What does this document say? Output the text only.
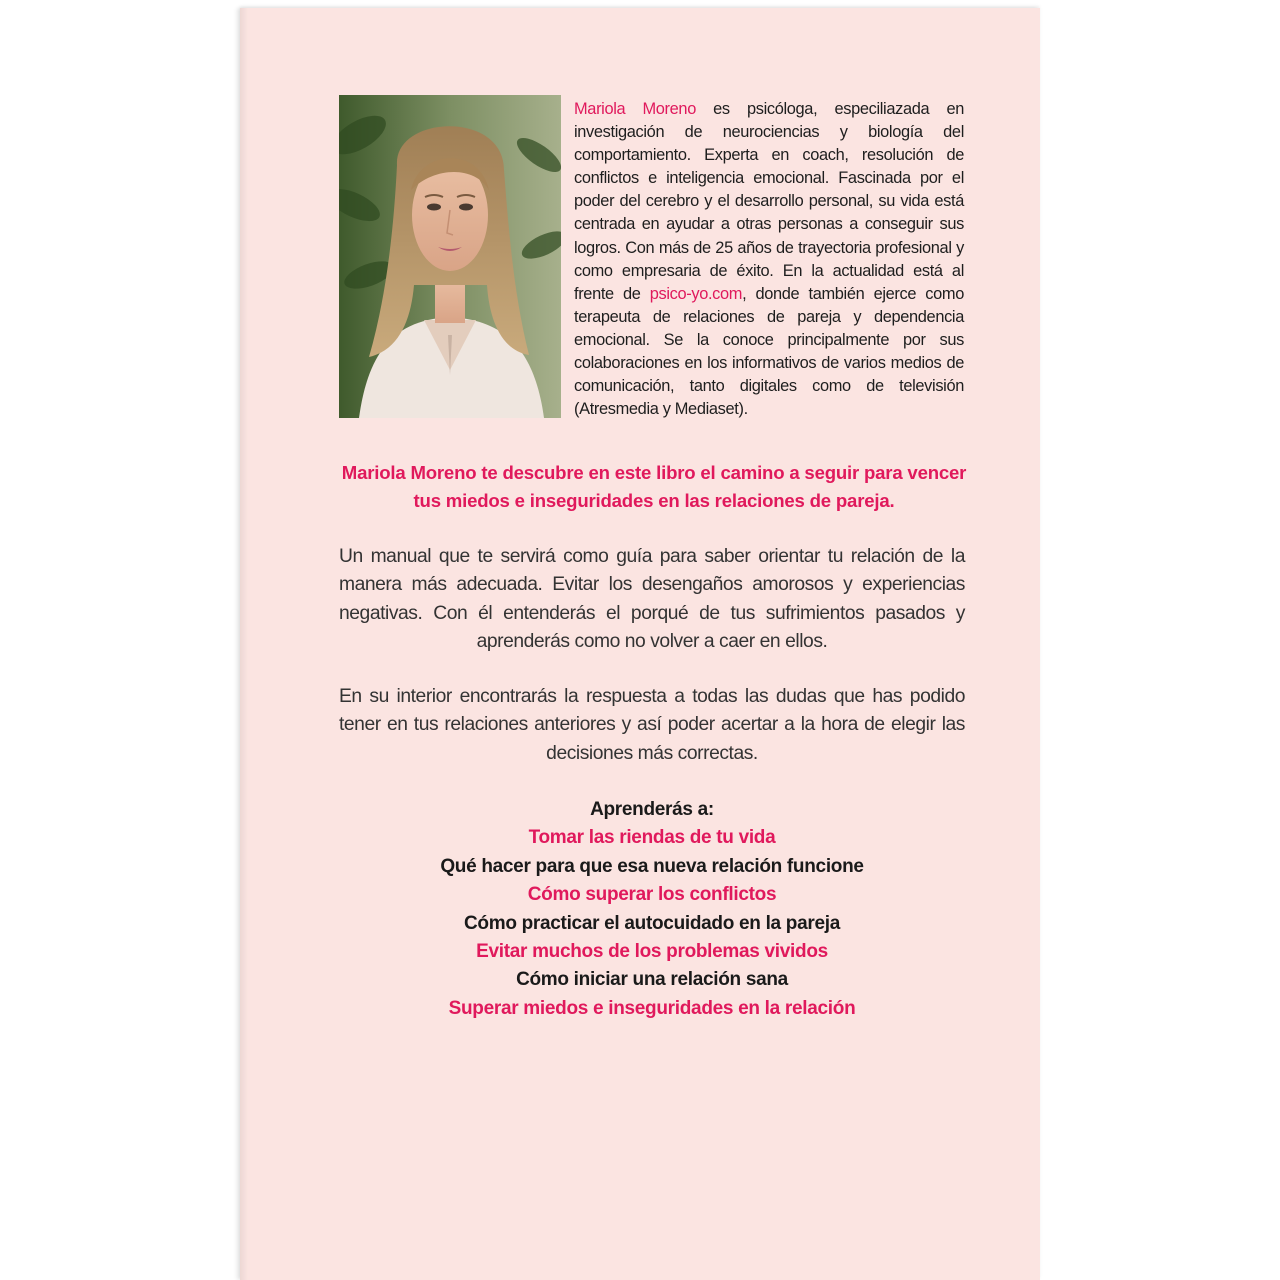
Mariola Moreno es psicóloga, especiliazada en investigación de neurociencias y biología del comportamiento. Experta en coach, resolución de conflictos e inteligencia emocional. Fascinada por el poder del cerebro y el desarrollo personal, su vida está centrada en ayudar a otras personas a conseguir sus logros. Con más de 25 años de trayectoria profesional y como empresaria de éxito. En la actualidad está al frente de psico-yo.com, donde también ejerce como terapeuta de relaciones de pareja y dependencia emocional. Se la conoce principalmente por sus colaboraciones en los informativos de varios medios de comunicación, tanto digitales como de televisión (Atresmedia y Mediaset).

Mariola Moreno te descubre en este libro el camino a seguir para vencer tus miedos e inseguridades en las relaciones de pareja.

Un manual que te servirá como guía para saber orientar tu relación de la manera más adecuada. Evitar los desengaños amorosos y experiencias negativas. Con él entenderás el porqué de tus sufrimientos pasados y aprenderás como no volver a caer en ellos.

En su interior encontrarás la respuesta a todas las dudas que has podido tener en tus relaciones anteriores y así poder acertar a la hora de elegir las decisiones más correctas.

Aprenderás a:
Tomar las riendas de tu vida
Qué hacer para que esa nueva relación funcione
Cómo superar los conflictos
Cómo practicar el autocuidado en la pareja
Evitar muchos de los problemas vividos
Cómo iniciar una relación sana
Superar miedos e inseguridades en la relación
